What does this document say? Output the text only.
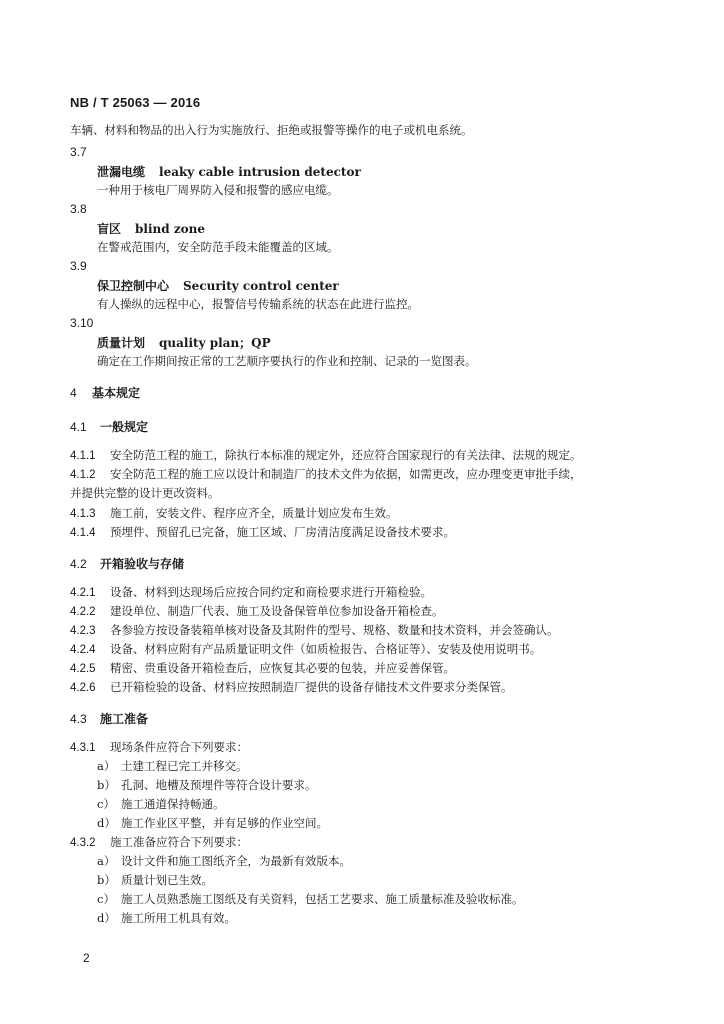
NB / T 25063 — 2016
车辆、材料和物品的出入行为实施放行、拒绝或报警等操作的电子或机电系统。
3.7
泄漏电缆 leaky cable intrusion detector
一种用于核电厂周界防入侵和报警的感应电缆。
3.8
盲区 blind zone
在警戒范围内，安全防范手段未能覆盖的区域。
3.9
保卫控制中心 Security control center
有人操纵的远程中心，报警信号传输系统的状态在此进行监控。
3.10
质量计划 quality plan；QP
确定在工作期间按正常的工艺顺序要执行的作业和控制、记录的一览图表。
4 基本规定
4.1 一般规定
4.1.1 安全防范工程的施工，除执行本标准的规定外，还应符合国家现行的有关法律、法规的规定。
4.1.2 安全防范工程的施工应以设计和制造厂的技术文件为依据，如需更改，应办理变更审批手续，
并提供完整的设计更改资料。
4.1.3 施工前，安装文件、程序应齐全，质量计划应发布生效。
4.1.4 预埋件、预留孔已完备，施工区域、厂房清洁度满足设备技术要求。
4.2 开箱验收与存储
4.2.1 设备、材料到达现场后应按合同约定和商检要求进行开箱检验。
4.2.2 建设单位、制造厂代表、施工及设备保管单位参加设备开箱检查。
4.2.3 各参验方按设备装箱单核对设备及其附件的型号、规格、数量和技术资料，并会签确认。
4.2.4 设备、材料应附有产品质量证明文件（如质检报告、合格证等）、安装及使用说明书。
4.2.5 精密、贵重设备开箱检查后，应恢复其必要的包装，并应妥善保管。
4.2.6 已开箱检验的设备、材料应按照制造厂提供的设备存储技术文件要求分类保管。
4.3 施工准备
4.3.1 现场条件应符合下列要求：
a） 土建工程已完工并移交。
b） 孔洞、地槽及预埋件等符合设计要求。
c） 施工通道保持畅通。
d） 施工作业区平整，并有足够的作业空间。
4.3.2 施工准备应符合下列要求：
a） 设计文件和施工图纸齐全，为最新有效版本。
b） 质量计划已生效。
c） 施工人员熟悉施工图纸及有关资料，包括工艺要求、施工质量标准及验收标准。
d） 施工所用工机具有效。
2
